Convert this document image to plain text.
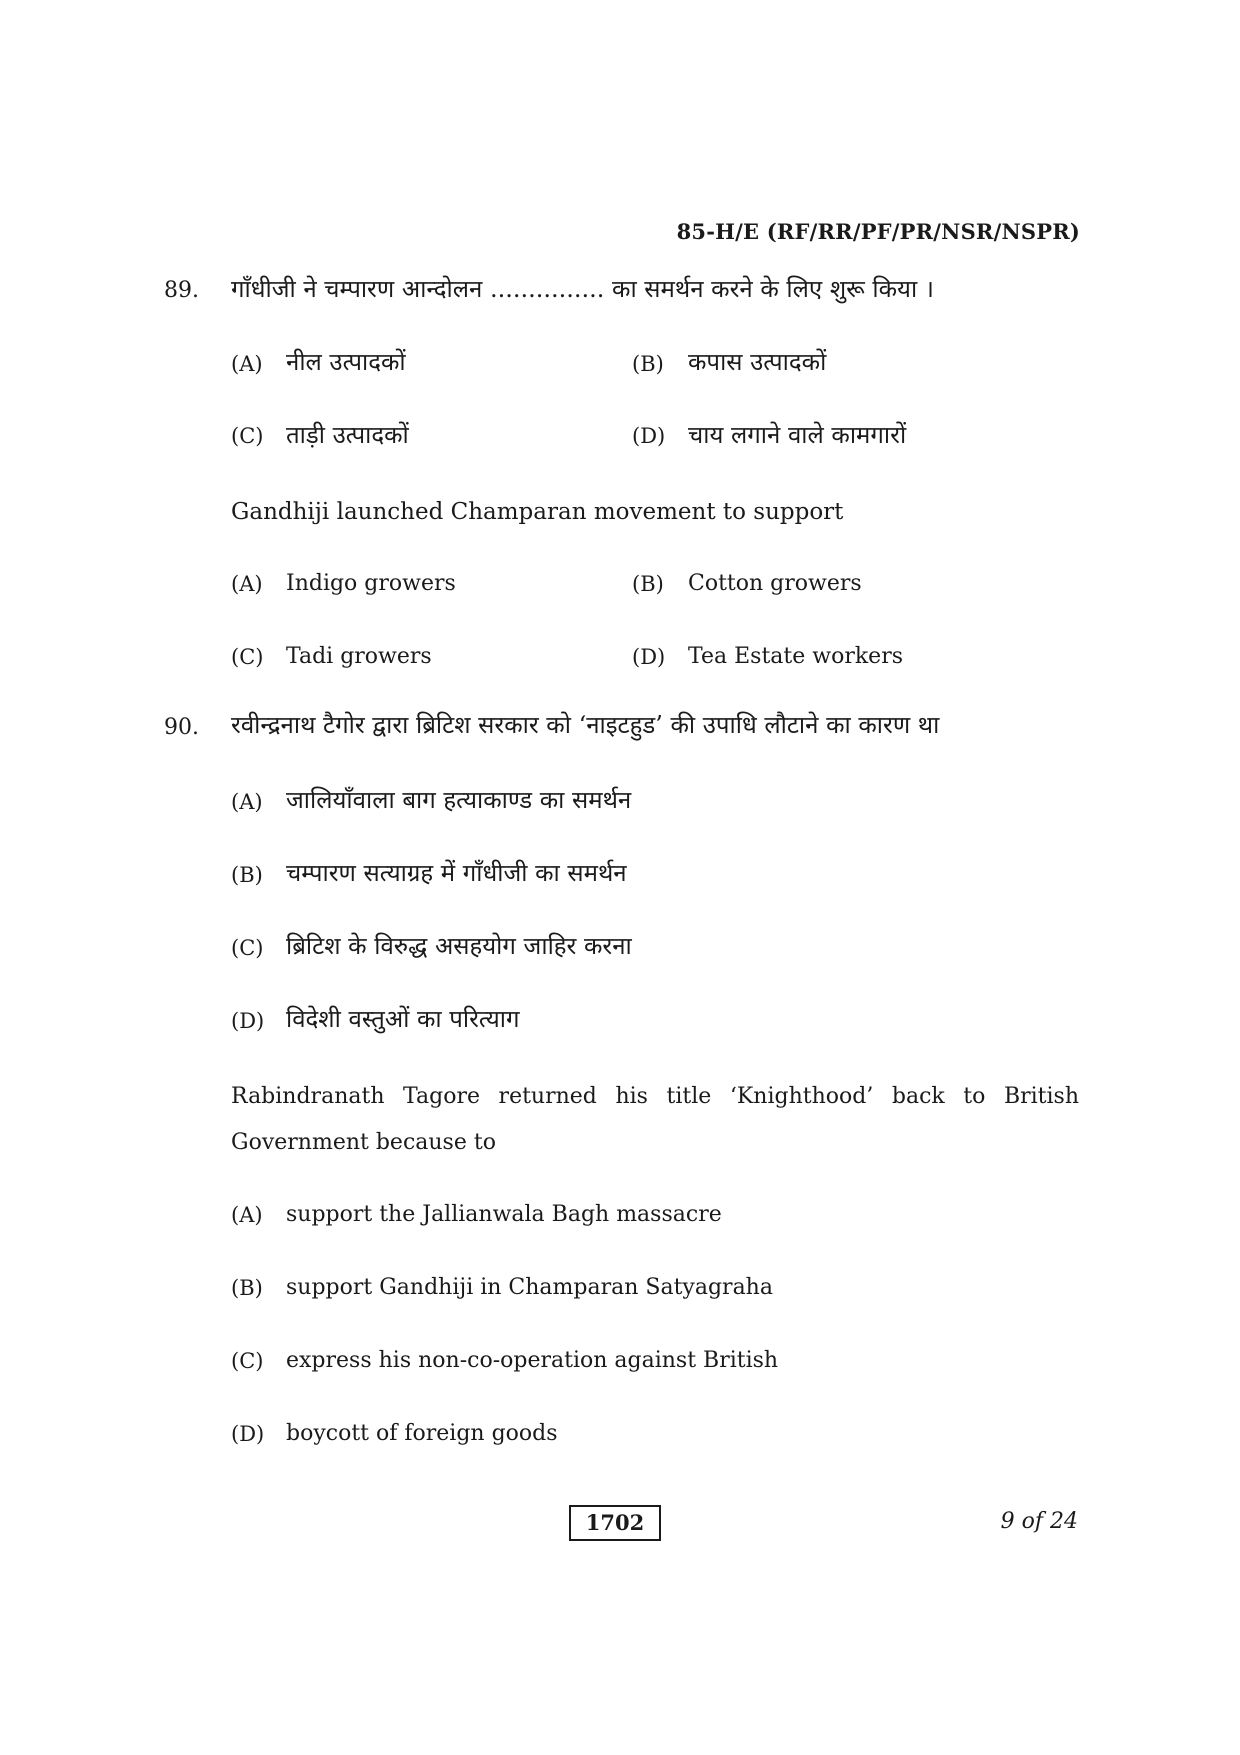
85-H/E (RF/RR/PF/PR/NSR/NSPR)
89. गाँधीजी ने चम्पारण आन्दोलन ............... का समर्थन करने के लिए शुरू किया ।
(A) नील उत्पादकों	(B) कपास उत्पादकों
(C) ताड़ी उत्पादकों	(D) चाय लगाने वाले कामगारों
Gandhiji launched Champaran movement to support
(A) Indigo growers	(B) Cotton growers
(C) Tadi growers	(D) Tea Estate workers
90. रवीन्द्रनाथ टैगोर द्वारा ब्रिटिश सरकार को ‘नाइटहुड’ की उपाधि लौटाने का कारण था
(A) जालियाँवाला बाग हत्याकाण्ड का समर्थन
(B) चम्पारण सत्याग्रह में गाँधीजी का समर्थन
(C) ब्रिटिश के विरुद्ध असहयोग जाहिर करना
(D) विदेशी वस्तुओं का परित्याग
Rabindranath Tagore returned his title ‘Knighthood’ back to British
Government because to
(A) support the Jallianwala Bagh massacre
(B) support Gandhiji in Champaran Satyagraha
(C) express his non-co-operation against British
(D) boycott of foreign goods
1702	9 of 24
